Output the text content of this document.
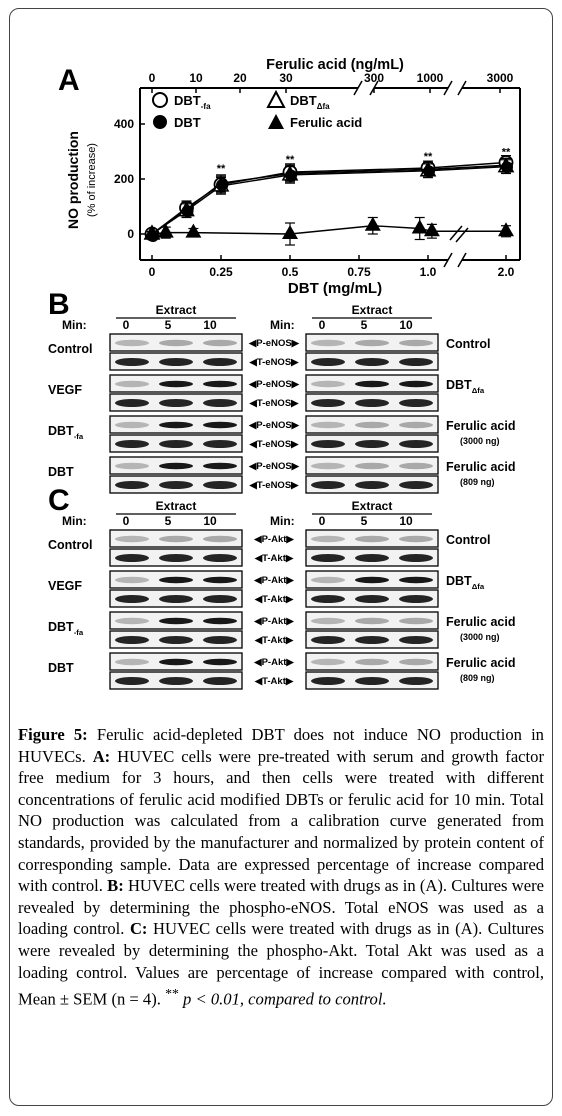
A	Ferulic acid (ng/mL)
0	10	20	30	300	1000	3000
0	0.25	0.5	0.75	1.0	2.0
DBT (mg/mL)
0
200
400
NO production (% of increase)
$DBT_{-fa}$	$DBT_{\Delta fa}$
DBT	Ferulic acid
**
**	**	**
B	Extract
Min:	0	5	10
Extract
Min: 0	5	10
Control	Control
◀P-eNOS▶
◀T-eNOS▶
VEGF	$DBT_{\Delta fa}$
◀P-eNOS▶
◀T-eNOS▶
$DBT_{-fa}$
Ferulic acid
(3000 ng)
◀P-eNOS▶
◀T-eNOS▶
DBT	Ferulic acid
(809 ng)
◀P-eNOS▶
◀T-eNOS▶
C	Extract
Min:	0	5	10
Extract
Min: 0	5	10
Control	Control
◀P-Akt▶
◀T-Akt▶
VEGF	$DBT_{\Delta fa}$
◀P-Akt▶
◀T-Akt▶
$DBT_{-fa}$
Ferulic acid
(3000 ng)
◀P-Akt▶
◀T-Akt▶
DBT	Ferulic acid
(809 ng)
◀P-Akt▶
◀T-Akt▶
Figure 5: Ferulic acid-depleted DBT does not induce NO production in HUVECs. A: HUVEC cells were pre-treated with serum and growth factor free medium for 3 hours, and then cells were treated with different concentrations of ferulic acid modified DBTs or ferulic acid for 10 min. Total NO production was calculated from a calibration curve generated from standards, provided by the manufacturer and normalized by protein content of corresponding sample. Data are expressed percentage of increase compared with control. B: HUVEC cells were treated with drugs as in (A). Cultures were revealed by determining the phospho-eNOS. Total eNOS was used as a loading control. C: HUVEC cells were treated with drugs as in (A). Cultures were revealed by determining the phospho-Akt. Total Akt was used as a loading control. Values are percentage of increase compared with control, Mean ± SEM (n = 4). ** p < 0.01, compared to control.
